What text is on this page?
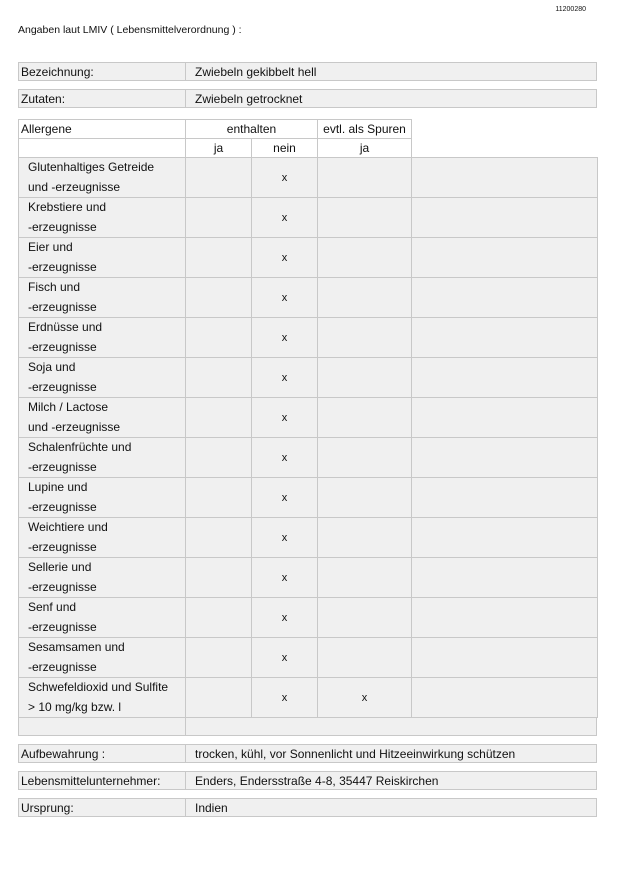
11200280
Angaben laut LMIV ( Lebensmittelverordnung ) :
Bezeichnung:	Zwiebeln gekibbelt hell
Zutaten:	Zwiebeln getrocknet
Allergene	enthalten		evtl. als Spuren	
	ja	nein	ja	

Glutenhaltiges Getreide
und -erzeugnisse		x		

Krebstiere und
-erzeugnisse		x		

Eier und
-erzeugnisse		x		

Fisch und
-erzeugnisse		x		

Erdnüsse und
-erzeugnisse		x		

Soja und
-erzeugnisse		x		

Milch / Lactose
und -erzeugnisse		x		

Schalenfrüchte und
-erzeugnisse		x		

Lupine und
-erzeugnisse		x		

Weichtiere und
-erzeugnisse		x		

Sellerie und
-erzeugnisse		x		

Senf und
-erzeugnisse		x		

Sesamsamen und
-erzeugnisse		x		

Schwefeldioxid und Sulfite
> 10 mg/kg bzw. l		x	x	
Aufbewahrung :	trocken, kühl, vor Sonnenlicht und Hitzeeinwirkung schützen
Lebensmittelunternehmer:	Enders, Endersstraße 4-8, 35447 Reiskirchen
Ursprung:	Indien
